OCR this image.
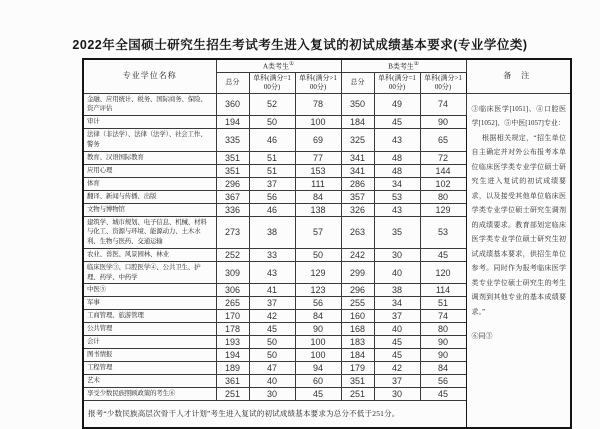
2022年全国硕士研究生招生考试考生进入复试的初试成绩基本要求(专业学位类)
专业学位名称	A类考生①			B类考生②			备 注
	总分	单科(满分=100分)	单科(满分>100分)	总分	单科(满分=100分)	单科(满分>100分)	
金融、应用统计、税务、国际商务、保险、资产评估	360	52	78	350	49	74	③临床医学[1051]、④口腔医学[1052]、⑤中医[1057]专业：

根据相关规定，“招生单位自主确定并对外公布报考本单位临床医学类专业学位硕士研究生进入复试的初试成绩要求，以及接受其他单位临床医学类专业学位硕士研究生调剂的成绩要求。教育部划定临床医学类专业学位硕士研究生初试成绩基本要求，供招生单位参考。同时作为报考临床医学类专业学位硕士研究生的考生调剂到其他专业的基本成绩要求。”

⑥同③

审计	194	50	100	184	45	90	
法律（非法学）、法律（法学）、社会工作、警务	335	46	69	325	43	65	
教育、汉语国际教育	351	51	77	341	48	72	
应用心理	351	51	153	341	48	144	
体育	296	37	111	286	34	102	
翻译、新闻与传播、出版	367	56	84	357	53	80	
文物与博物馆	336	46	138	326	43	129	
建筑学、城市规划、电子信息、机械、材料与化工、资源与环境、能源动力、土木水利、生物与医药、交通运输	273	38	57	263	35	53	
农业、兽医、风景园林、林业	252	33	50	242	30	45	
临床医学③、口腔医学④、公共卫生、护理、药学、中药学	309	43	129	299	40	120	
中医⑤	306	41	123	296	38	114	
军事	265	37	56	255	34	51	
工商管理、旅游管理	170	42	84	160	37	74	
公共管理	178	45	90	168	40	80	
会计	193	50	100	183	45	90	
图书情报	194	50	100	184	45	90	
工程管理	189	47	94	179	42	84	
艺术	361	40	60	351	37	56	
享受少数民族照顾政策的考生⑥	251	30	45	251	30	45	
报考“少数民族高层次骨干人才计划”考生进入复试的初试成绩基本要求为总分不低于251分。							
